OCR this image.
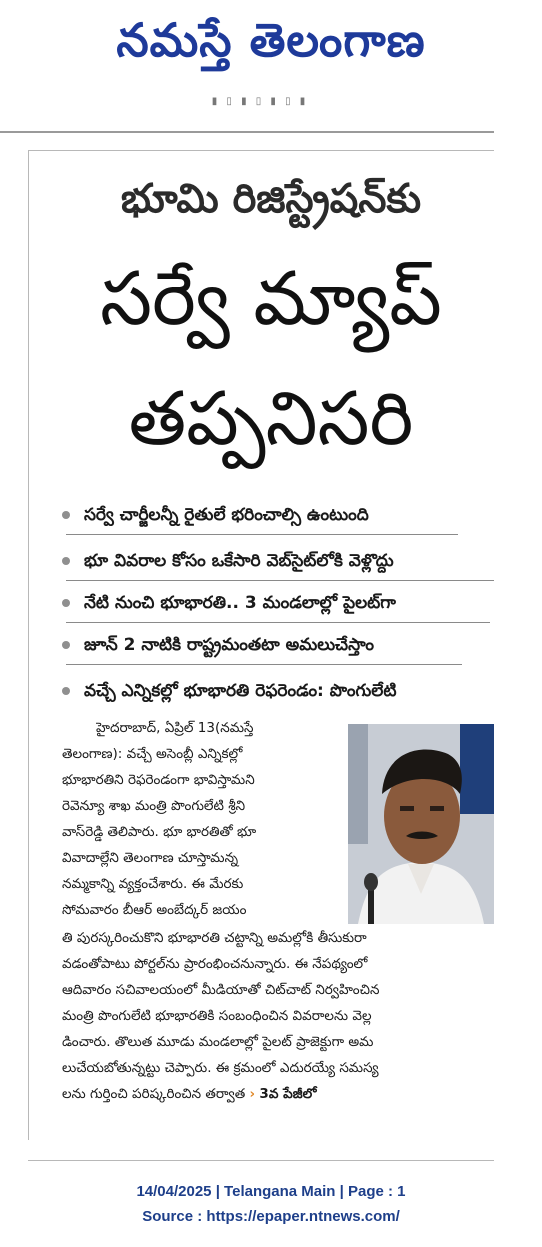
నమస్తే తెలంగాణ
▮ ▯ ▮ ▯ ▮ ▯ ▮
భూమి రిజిస్ట్రేషన్‌కు
సర్వే మ్యాప్
తప్పనిసరి
సర్వే చార్జీలన్నీ రైతులే భరించాల్సి ఉంటుంది
భూ వివరాల కోసం ఒకేసారి వెబ్‌సైట్‌లోకి వెళ్లొద్దు
నేటి నుంచి భూభారతి.. 3 మండలాల్లో పైలట్‌గా
జూన్ 2 నాటికి రాష్ట్రమంతటా అమలుచేస్తాం
వచ్చే ఎన్నికల్లో భూభారతి రెఫరెండం: పొంగులేటి
హైదరాబాద్, ఏప్రిల్ 13(నమస్తే
తెలంగాణ): వచ్చే అసెంబ్లీ ఎన్నికల్లో
భూభారతిని రెఫరెండంగా భావిస్తామని
రెవెన్యూ శాఖ మంత్రి పొంగులేటి శ్రీని
వాస్‌రెడ్డి తెలిపారు. భూ భారతితో భూ
వివాదాల్లేని తెలంగాణ చూస్తామన్న
నమ్మకాన్ని వ్యక్తంచేశారు. ఈ మేరకు
సోమవారం బీఆర్ అంబేద్కర్ జయం
తి పురస్కరించుకొని భూభారతి చట్టాన్ని అమల్లోకి తీసుకురా
వడంతోపాటు పోర్టల్‌ను ప్రారంభించనున్నారు. ఈ నేపథ్యంలో
ఆదివారం సచివాలయంలో మీడియాతో చిట్‌చాట్ నిర్వహించిన
మంత్రి పొంగులేటి భూభారతికి సంబంధించిన వివరాలను వెల్ల
డించారు. తొలుత మూడు మండలాల్లో పైలట్ ప్రాజెక్టుగా అమ
లుచేయబోతున్నట్టు చెప్పారు. ఈ క్రమంలో ఎదురయ్యే సమస్య
లను గుర్తించి పరిష్కరించిన తర్వాత › 3వ పేజీలో
14/04/2025 | Telangana Main | Page : 1
Source : https://epaper.ntnews.com/
